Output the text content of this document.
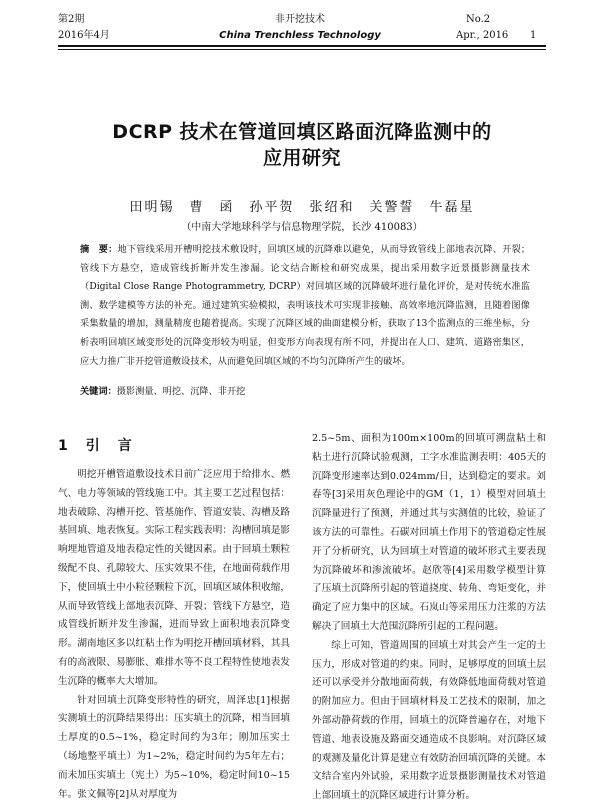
第2期
2016年4月
非开挖技术
China Trenchless Technology
No.2
Apr., 2016 1
DCRP 技术在管道回填区路面沉降监测中的
应用研究
田明锡　曹　函　孙平贺　张绍和　关警誓　牛磊星
（中南大学地球科学与信息物理学院，长沙 410083）
摘　要：地下管线采用开槽明挖技术敷设时，回填区域的沉降难以避免，从而导致管线上部地表沉降、开裂；管线下方悬空，造成管线折断并发生渗漏。论文结合断检和研究成果，提出采用数字近景摄影测量技术（Digital Close Range Photogrammetry, DCRP）对回填区域的沉降破坏进行量化评价，是对传统水准监测、数学建模等方法的补充。通过建筑实验模拟，表明该技术可实现非接触、高效率地沉降监测，且随着图像采集数量的增加，测量精度也随着提高。实现了沉降区域的曲面建模分析，获取了13个监测点的三维坐标，分析表明回填区域变形处的沉降变形较为明显，但变形方向表现有所不同，并提出在人口、建筑、道路密集区，应大力推广非开挖管道敷设技术，从而避免回填区域的不均匀沉降所产生的破坏。
关键词：摄影测量、明挖、沉降、非开挖
1  引　言

明挖开槽管道敷设技术目前广泛应用于给排水、燃气、电力等领域的管线施工中。其主要工艺过程包括：地表破除、沟槽开挖、管基施作、管道安装、沟槽及路基回填、地表恢复。实际工程实践表明：沟槽回填是影响埋地管道及地表稳定性的关键因素。由于回填土颗粒级配不良、孔隙较大、压实效果不佳，在地面荷载作用下，使回填土中小粒径颗粒下沉，回填区域体积收缩，从而导致管线上部地表沉降、开裂；管线下方悬空，造成管线折断并发生渗漏，进而导致上面积地表沉降变形。湖南地区多以红粘土作为明挖开槽回填材料，其具有的高液限、易膨胀、难排水等不良工程特性使地表发生沉降的概率大大增加。

针对回填土沉降变形特性的研究，周泽忠[1]根据实测填土的沉降结果得出：压实填土的沉降，相当回填土厚度的0.5~1%，稳定时间约为3年；刚加压实土（场地整平填土）为1~2%，稳定时间约为5年左右；而未加压实填土（宪土）为5~10%，稳定时间10~15年。张文佩等[2]从对厚度为

2.5~5m、面积为100m×100m的回填可溯盘粘土和粘土进行沉降试验观测，工字水准监测表明：405天的沉降变形速率达到0.024mm/日，达到稳定的要求。刘春等[3]采用灰色理论中的GM（1，1）模型对回填土沉降量进行了预测，并通过其与实测值的比较，验证了该方法的可靠性。石碳对回填土作用下的管道稳定性展开了分析研究，认为回填土对管道的破坏形式主要表现为沉降破坏和渗流破坏。赵欣等[4]采用数学模型计算了压填土沉降所引起的管道挠度、转角、弯矩变化，并确定了应力集中的区域。石岚山等采用压力注浆的方法解决了回填土大范围沉降所引起的工程问题。

综上可知，管道周围的回填土对其会产生一定的土压力，形成对管道的约束。同时，足够厚度的回填土层还可以承受并分散地面荷载，有效降低地面荷载对管道的附加应力。但由于回填材料及工艺技术的限制，加之外部动静荷载的作用，回填土的沉降普遍存在，对地下管道、地表设施及路面交通造成不良影响。对沉降区域的观测及量化计算是建立有效防治回填沉降的关键。本文结合室内外试验，采用数字近景摄影测量技术对管道上部回填土的沉降区域进行计算分析。
